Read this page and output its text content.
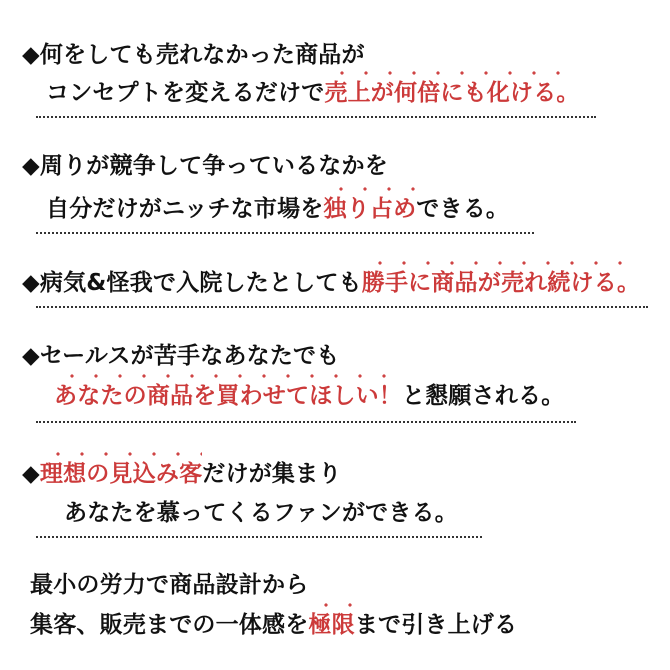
◆何をしても売れなかった商品が
コンセプトを変えるだけで
売上が何倍にも化ける。
◆周りが競争して争っているなかを
自分だけがニッチな市場を
独り占めできる。
◆病気&怪我で入院したとしても
勝手に商品が売れ続ける。
◆セールスが苦手なあなたでも
あなたの商品を買わせてほしい！と懇願される。
◆
理想の見込み客だけが集まり
あなたを慕ってくるファンができる。
最小の労力で商品設計から
集客、販売までの一体感を
極限まで引き上げる
